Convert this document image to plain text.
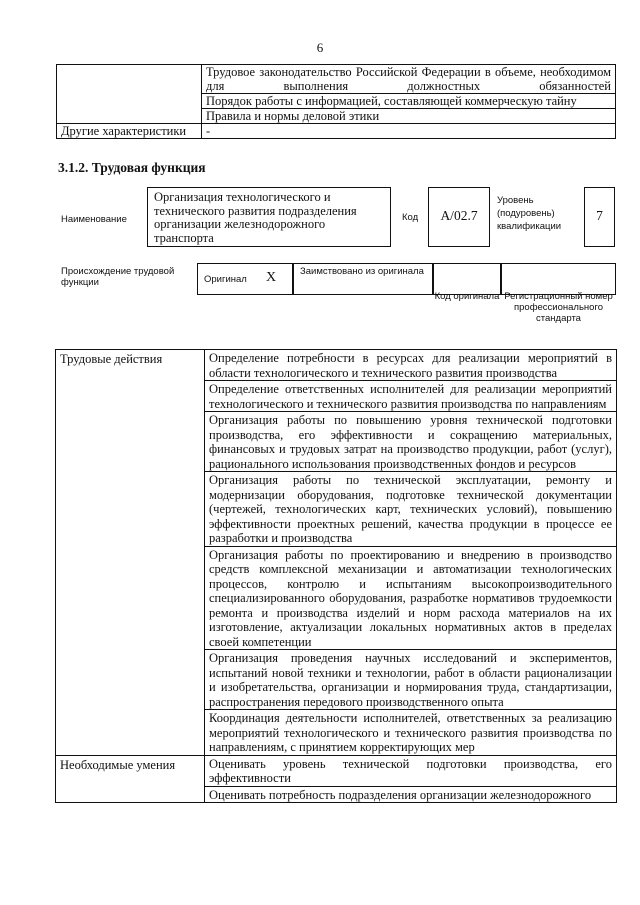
6
	Трудовое законодательство Российской Федерации в объеме, необходимом для выполнения должностных обязанностей
	Порядок работы с информацией, составляющей коммерческую тайну
	Правила и нормы деловой этики
Другие характеристики	-
3.1.2. Трудовая функция
Наименование
Организация технологического и технического развития подразделения организации железнодорожного транспорта
Код	A/02.7
Уровень (подуровень) квалификации
7
Происхождение трудовой функции	Оригинал X	Заимствовано из оригинала
Код оригинала Регистрационный номер профессионального стандарта
Трудовые действия	Определение потребности в ресурсах для реализации мероприятий в области технологического и технического развития производства
	Определение ответственных исполнителей для реализации мероприятий технологического и технического развития производства по направлениям
	Организация работы по повышению уровня технической подготовки производства, его эффективности и сокращению материальных, финансовых и трудовых затрат на производство продукции, работ (услуг), рационального использования производственных фондов и ресурсов
	Организация работы по технической эксплуатации, ремонту и модернизации оборудования, подготовке технической документации (чертежей, технологических карт, технических условий), повышению эффективности проектных решений, качества продукции в процессе ее разработки и производства
	Организация работы по проектированию и внедрению в производство средств комплексной механизации и автоматизации технологических процессов, контролю и испытаниям высокопроизводительного специализированного оборудования, разработке нормативов трудоемкости ремонта и производства изделий и норм расхода материалов на их изготовление, актуализации локальных нормативных актов в пределах своей компетенции
	Организация проведения научных исследований и экспериментов, испытаний новой техники и технологии, работ в области рационализации и изобретательства, организации и нормирования труда, стандартизации, распространения передового производственного опыта
	Координация деятельности исполнителей, ответственных за реализацию мероприятий технологического и технического развития производства по направлениям, с принятием корректирующих мер
Необходимые умения	Оценивать уровень технической подготовки производства, его эффективности
	Оценивать потребность подразделения организации железнодорожного
